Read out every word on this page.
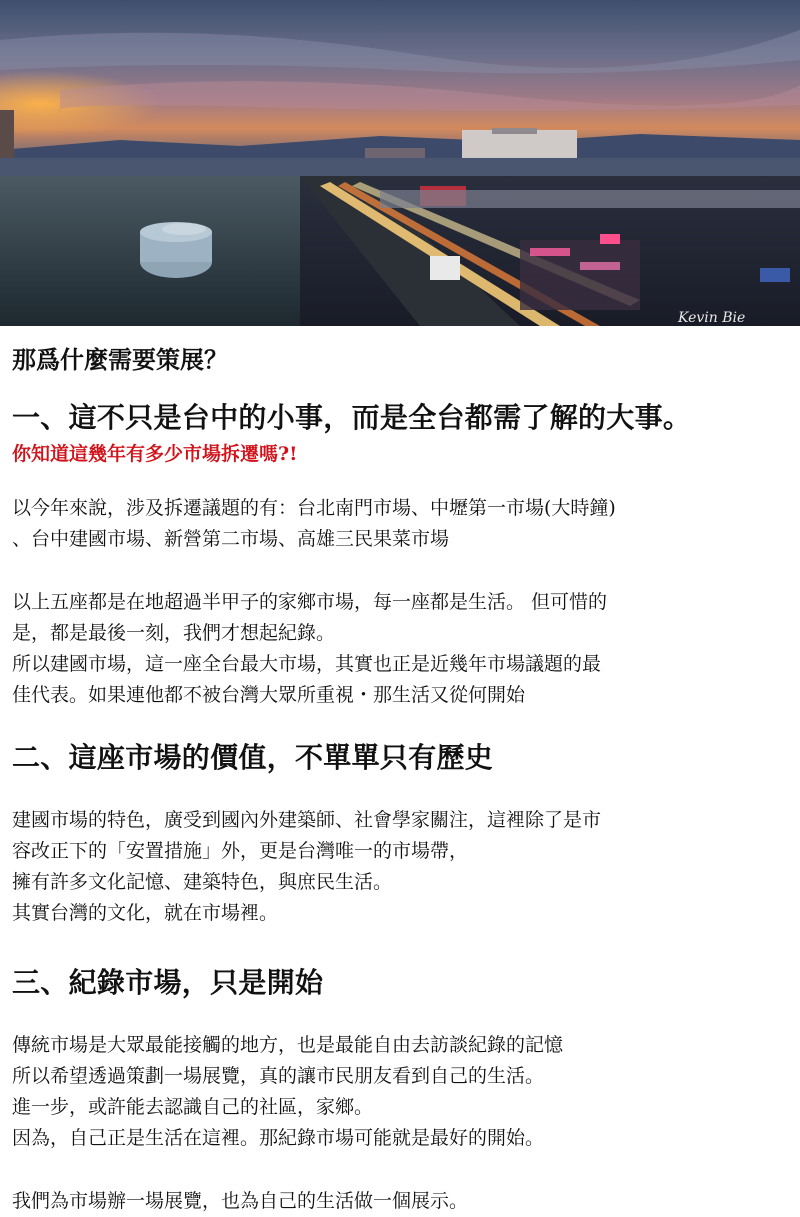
Kevin Bie

那爲什麼需要策展？

一、這不只是台中的小事，而是全台都需了解的大事。

你知道這幾年有多少市場拆遷嗎?!

以今年來說，涉及拆遷議題的有：台北南門市場、中壢第一市場(大時鐘)
、台中建國市場、新營第二市場、高雄三民果菜市場

以上五座都是在地超過半甲子的家鄉市場，每一座都是生活。 但可惜的
是，都是最後一刻，我們才想起紀錄。
所以建國市場，這一座全台最大市場，其實也正是近幾年市場議題的最
佳代表。如果連他都不被台灣大眾所重視・那生活又從何開始

二、這座市場的價值，不單單只有歷史

建國市場的特色，廣受到國內外建築師、社會學家關注，這裡除了是市
容改正下的「安置措施」外，更是台灣唯一的市場帶，
擁有許多文化記憶、建築特色，與庶民生活。
其實台灣的文化，就在市場裡。

三、紀錄市場，只是開始

傳統市場是大眾最能接觸的地方，也是最能自由去訪談紀錄的記憶
所以希望透過策劃一場展覽，真的讓市民朋友看到自己的生活。
進一步，或許能去認識自己的社區，家鄉。
因為，自己正是生活在這裡。那紀錄市場可能就是最好的開始。

我們為市場辦一場展覽，也為自己的生活做一個展示。
